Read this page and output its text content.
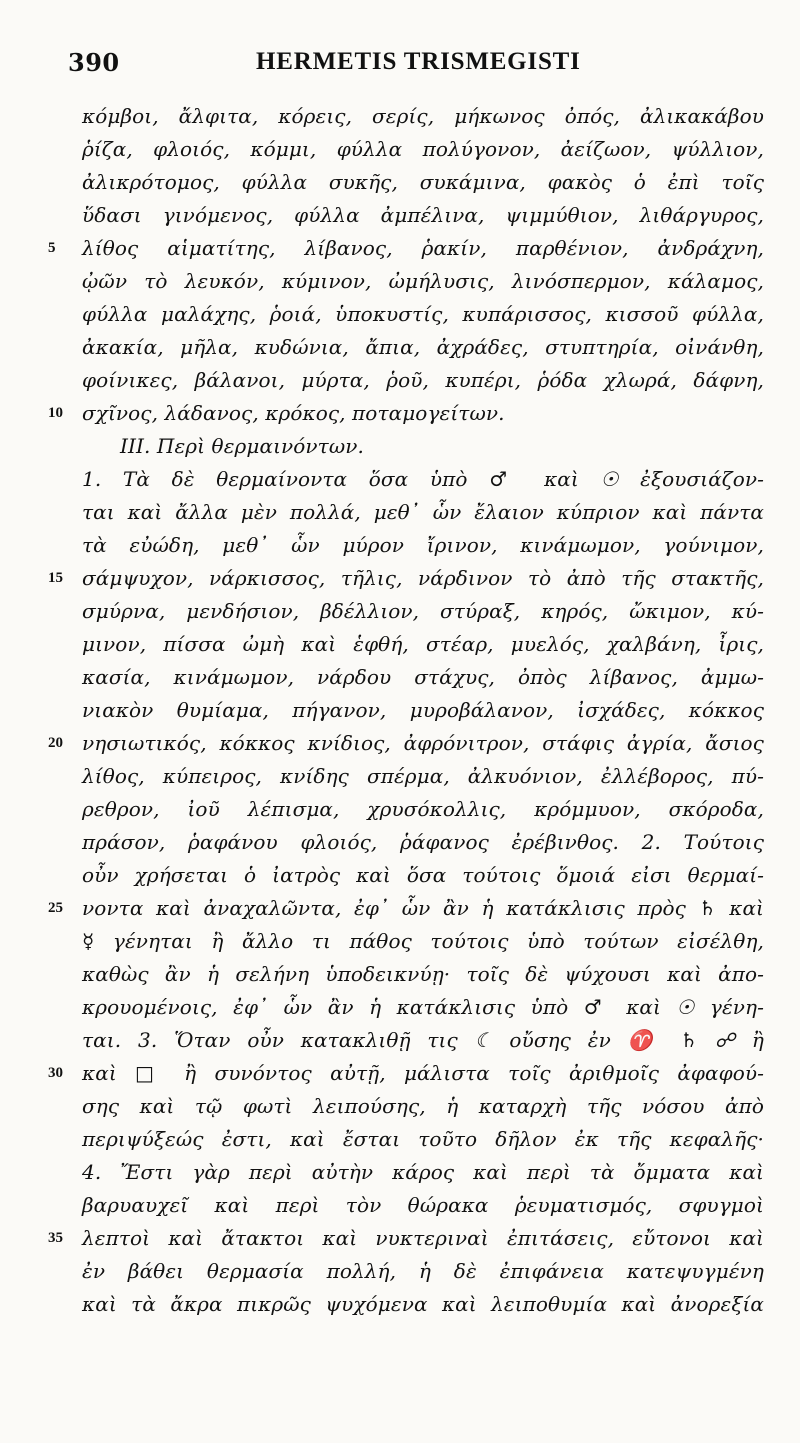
390	HERMETIS TRISMEGISTI
κόμβοι, ἄλφιτα, κόρεις, σερίς, μήκωνος ὀπός, ἀλικακάβου
ῥίζα, φλοιός, κόμμι, φύλλα πολύγονον, ἀείζωον, ψύλλιον,
ἀλικρότομος, φύλλα συκῆς, συκάμινα, φακὸς ὁ ἐπὶ τοῖς
ὕδασι γινόμενος, φύλλα ἀμπέλινα, ψιμμύθιον, λιθάργυρος,
5	λίθος αἱματίτης, λίβανος, ῥακίν, παρθένιον, ἀνδράχνη,
ᾠῶν τὸ λευκόν, κύμινον, ὠμήλυσις, λινόσπερμον, κάλαμος,
φύλλα μαλάχης, ῥοιά, ὑποκυστίς, κυπάρισσος, κισσοῦ φύλλα,
ἀκακία, μῆλα, κυδώνια, ἄπια, ἀχράδες, στυπτηρία, οἰνάνθη,
φοίνικες, βάλανοι, μύρτα, ῥοῦ, κυπέρι, ῥόδα χλωρά, δάφνη,
10 σχῖνος, λάδανος, κρόκος, ποταμογείτων.
III. Περὶ θερμαινόντων.
1. Τὰ δὲ θερμαίνοντα ὅσα ὑπὸ ♂ καὶ ☉ ἐξουσιάζον-
ται καὶ ἄλλα μὲν πολλά, μεθ᾽ ὧν ἔλαιον κύπριον καὶ πάντα
τὰ εὐώδη, μεθ᾽ ὧν μύρον ἴρινον, κινάμωμον, γούνιμον,
15 σάμψυχον, νάρκισσος, τῆλις, νάρδινον τὸ ἀπὸ τῆς στακτῆς,
σμύρνα, μενδήσιον, βδέλλιον, στύραξ, κηρός, ὤκιμον, κύ-
μινον, πίσσα ὠμὴ καὶ ἑφθή, στέαρ, μυελός, χαλβάνη, ἶρις,
κασία, κινάμωμον, νάρδου στάχυς, ὀπὸς λίβανος, ἀμμω-
νιακὸν θυμίαμα, πήγανον, μυροβάλανον, ἰσχάδες, κόκκος
20 νησιωτικός, κόκκος κνίδιος, ἀφρόνιτρον, στάφις ἀγρία, ἄσιος
λίθος, κύπειρος, κνίδης σπέρμα, ἀλκυόνιον, ἐλλέβορος, πύ-
ρεθρον, ἰοῦ λέπισμα, χρυσόκολλις, κρόμμυον, σκόροδα,
πράσον, ῥαφάνου φλοιός, ῥάφανος ἐρέβινθος. 2. Τούτοις
οὖν χρήσεται ὁ ἰατρὸς καὶ ὅσα τούτοις ὅμοιά εἰσι θερμαί-
25 νοντα καὶ ἀναχαλῶντα, ἐφ᾽ ὧν ἂν ἡ κατάκλισις πρὸς ♄ καὶ
☿ γένηται ἢ ἄλλο τι πάθος τούτοις ὑπὸ τούτων εἰσέλθη,
καθὼς ἂν ἡ σελήνη ὑποδεικνύῃ· τοῖς δὲ ψύχουσι καὶ ἀπο-
κρουομένοις, ἐφ᾽ ὧν ἂν ἡ κατάκλισις ὑπὸ ♂ καὶ ☉ γένη-
ται. 3. Ὅταν οὖν κατακλιθῇ τις ☾ οὔσης ἐν ♈ ♄ ☍ ἢ
30 καὶ □ ἢ συνόντος αὐτῇ, μάλιστα τοῖς ἀριθμοῖς ἀφαφού-
σης καὶ τῷ φωτὶ λειπούσης, ἡ καταρχὴ τῆς νόσου ἀπὸ
περιψύξεώς ἐστι, καὶ ἔσται τοῦτο δῆλον ἐκ τῆς κεφαλῆς·
4. Ἔστι γὰρ περὶ αὐτὴν κάρος καὶ περὶ τὰ ὄμματα καὶ
βαρυαυχεῖ καὶ περὶ τὸν θώρακα ῥευματισμός, σφυγμοὶ
35 λεπτοὶ καὶ ἄτακτοι καὶ νυκτεριναὶ ἐπιτάσεις, εὔτονοι καὶ
ἐν βάθει θερμασία πολλή, ἡ δὲ ἐπιφάνεια κατεψυγμένη
καὶ τὰ ἄκρα πικρῶς ψυχόμενα καὶ λειποθυμία καὶ ἀνορεξία
